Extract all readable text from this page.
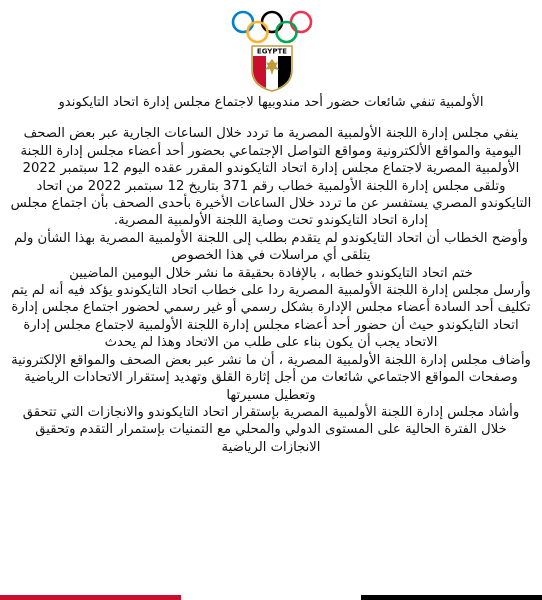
EGYPTE

الأولمبية تنفي شائعات حضور أحد مندوبيها لاجتماع مجلس إدارة اتحاد التايكوندو

ينفي مجلس إدارة اللجنة الأولمبية المصرية ما تردد خلال الساعات الجارية عبر بعض الصحف اليومية والمواقع الألكترونية ومواقع التواصل الإجتماعي بحضور أحد أعضاء مجلس إدارة اللجنة الأولمبية المصرية لاجتماع مجلس إدارة اتحاد التايكوندو المقرر عقده اليوم 12 سبتمبر 2022

وتلقى مجلس إدارة اللجنة الأولمبية خطاب رقم 371 بتاريخ 12 سبتمبر 2022 من اتحاد التايكوندو المصري يستفسر عن ما تردد خلال الساعات الأخيرة بأحدى الصحف بأن اجتماع مجلس إدارة اتحاد التايكوندو تحت وصاية اللجنة الأولمبية المصرية.

وأوضح الخطاب أن اتحاد التايكوندو لم يتقدم بطلب إلى اللجنة الأولمبية المصرية بهذا الشأن ولم يتلقى أي مراسلات في هذا الخصوص

ختم اتحاد التايكوندو خطابه ، بالإفادة بحقيقة ما نشر خلال اليومين الماضيين

وأرسل مجلس إدارة اللجنة الأولمبية المصرية ردا على خطاب اتحاد التايكوندو يؤكد فيه أنه لم يتم تكليف أحد السادة أعضاء مجلس الإدارة بشكل رسمي أو غير رسمي لحضور اجتماع مجلس إدارة اتحاد التايكوندو حيث أن حضور أحد أعضاء مجلس إدارة اللجنة الأولمبية لاجتماع مجلس إدارة الاتحاد يجب أن يكون بناء على طلب من الاتحاد وهذا لم يحدث

وأضاف مجلس إدارة اللجنة الأولمبية المصرية ، أن ما نشر عبر بعض الصحف والمواقع الإلكترونية وصفحات المواقع الاجتماعي شائعات من أجل إثارة القلق وتهديد إستقرار الاتحادات الرياضية وتعطيل مسيرتها

وأشاد مجلس إدارة اللجنة الأولمبية المصرية بإستقرار اتحاد التايكوندو والانجازات التي تتحقق خلال الفترة الحالية على المستوى الدولي والمحلي مع التمنيات بإستمرار التقدم وتحقيق الانجازات الرياضية
